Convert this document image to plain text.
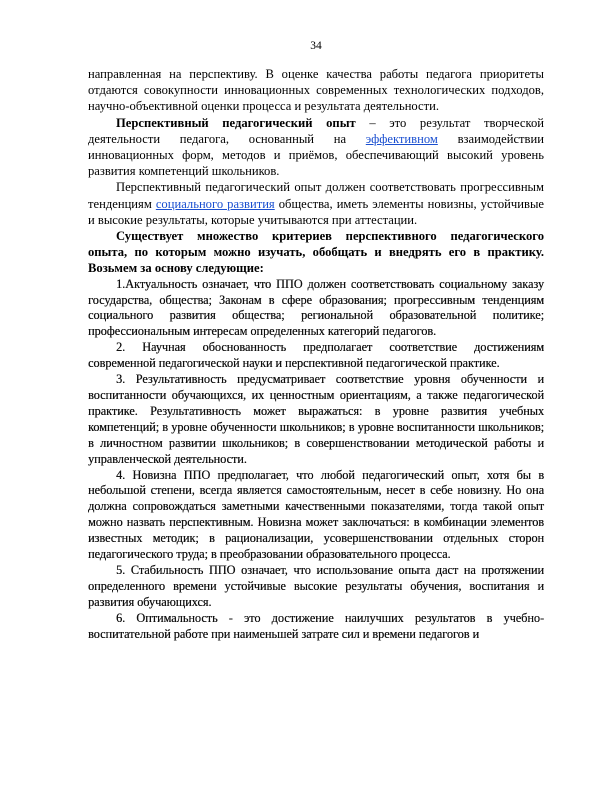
34

направленная на перспективу. В оценке качества работы педагога приоритеты отдаются совокупности инновационных современных технологических подходов, научно-объективной оценки процесса и результата деятельности.

Перспективный педагогический опыт – это результат творческой деятельности педагога, основанный на эффективном взаимодействии инновационных форм, методов и приёмов, обеспечивающий высокий уровень развития компетенций школьников.

Перспективный педагогический опыт должен соответствовать прогрессивным тенденциям социального развития общества, иметь элементы новизны, устойчивые и высокие результаты, которые учитываются при аттестации.

Существует множество критериев перспективного педагогического опыта, по которым можно изучать, обобщать и внедрять его в практику. Возьмем за основу следующие:

1.Актуальность означает, что ППО должен соответствовать социальному заказу государства, общества; Законам в сфере образования; прогрессивным тенденциям социального развития общества; региональной образовательной политике; профессиональным интересам определенных категорий педагогов.

2. Научная обоснованность предполагает соответствие достижениям современной педагогической науки и перспективной педагогической практике.

3. Результативность предусматривает соответствие уровня обученности и воспитанности обучающихся, их ценностным ориентациям, а также педагогической практике. Результативность может выражаться: в уровне развития учебных компетенций; в уровне обученности школьников; в уровне воспитанности школьников; в личностном развитии школьников; в совершенствовании методической работы и управленческой деятельности.

4. Новизна ППО предполагает, что любой педагогический опыт, хотя бы в небольшой степени, всегда является самостоятельным, несет в себе новизну. Но она должна сопровождаться заметными качественными показателями, тогда такой опыт можно назвать перспективным. Новизна может заключаться: в комбинации элементов известных методик; в рационализации, усовершенствовании отдельных сторон педагогического труда; в преобразовании образовательного процесса.

5. Стабильность ППО означает, что использование опыта даст на протяжении определенного времени устойчивые высокие результаты обучения, воспитания и развития обучающихся.

6. Оптимальность - это достижение наилучших результатов в учебно-воспитательной работе при наименьшей затрате сил и времени педагогов и
